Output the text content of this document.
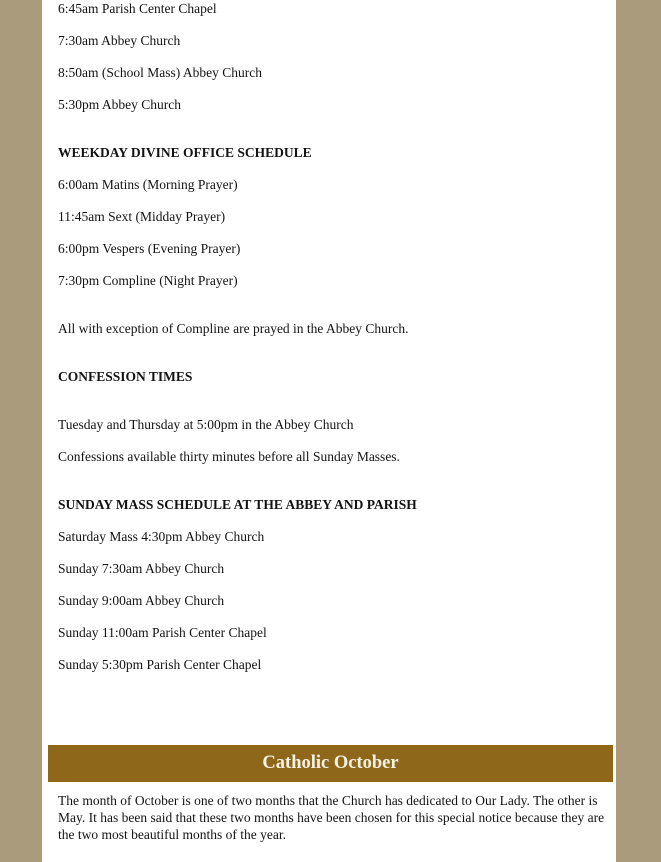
6:45am Parish Center Chapel

7:30am Abbey Church

8:50am (School Mass) Abbey Church

5:30pm Abbey Church

WEEKDAY DIVINE OFFICE SCHEDULE

6:00am Matins (Morning Prayer)

11:45am Sext (Midday Prayer)

6:00pm Vespers (Evening Prayer)

7:30pm Compline (Night Prayer)

All with exception of Compline are prayed in the Abbey Church.

CONFESSION TIMES

Tuesday and Thursday at 5:00pm in the Abbey Church

Confessions available thirty minutes before all Sunday Masses.

SUNDAY MASS SCHEDULE AT THE ABBEY AND PARISH

Saturday Mass 4:30pm Abbey Church

Sunday 7:30am Abbey Church

Sunday 9:00am Abbey Church

Sunday 11:00am Parish Center Chapel

Sunday 5:30pm Parish Center Chapel

Catholic October

The month of October is one of two months that the Church has dedicated to Our Lady. The other is May. It has been said that these two months have been chosen for this special notice because they are the two most beautiful months of the year.
